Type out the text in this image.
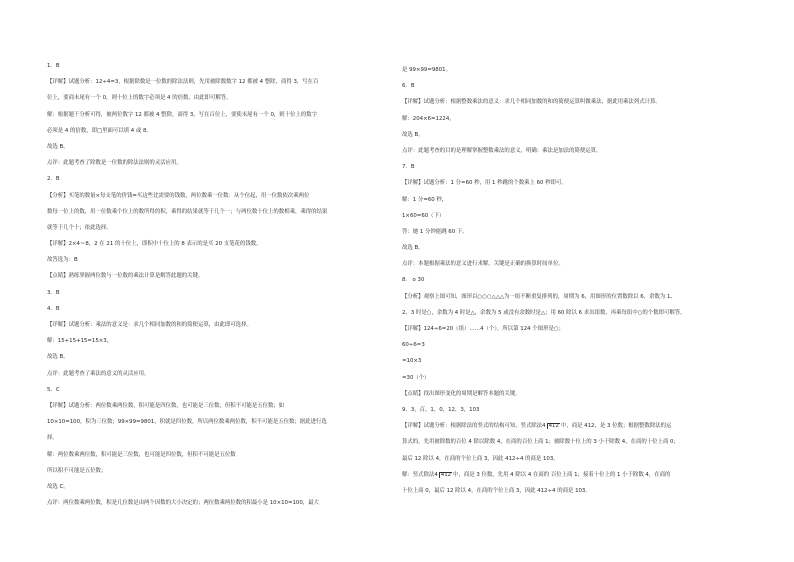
1．B
【详解】试题分析：12÷4=3，根据除数是一位数的除法法则，先用被除数数字 12 都被 4 整除，商得 3，写在百
位上，要商末尾有一个 0，则十位上的数字必须是 4 的倍数，由此即可解答。
解：根据题干分析可得，被两位数字 12 都被 4 整除，商得 3，写在百位上，要使末尾有一个 0，则十位上的数字
必须是 4 的倍数，即□里面可以填 4 或 8。
故选 B。
点评：此题考查了除数是一位数的除法法则的灵活应用。
2．B
【分析】买笔的数量×每支笔的价钱=买这些比需要的钱数，两位数乘一位数：从个位起，用一位数依次乘两位
数每一位上的数，用一位数乘个位上的数所得的积，乘得的结果就等于几个一；与两位数十位上的数相乘，乘得的结果
就等于几个十；依此选择。
【详解】2×4＝8，2 在 21 的十位上，即积中十位上的 8 表示的是买 20 支笔花的钱数。
故答选为：B
【点睛】熟练掌握两位数与一位数的乘法计算是解答此题的关键。
3．B
4．B
【详解】试题分析：乘法的意义是：求几个相同加数的和的简便运算，由此即可选择。
解：15+15+15=15×3，
故选 B。
点评：此题考查了乘法的意义的灵活应用。
5．C
【详解】试题分析：两位数乘两位数，积可能是四位数，也可能是三位数，但积不可能是五位数；如
10×10=100，积为三位数；99×99=9801，积就是四位数，所以两位数乘两位数，积不可能是五位数；据此进行选
择。
解：两位数乘两位数，积可能是三位数，也可能是四位数，但积不可能是五位数
所以积不可能是五位数；
故选 C。
点评：两位数乘两位数，积是几位数是由两个因数的大小决定的；两位数乘两位数的积最小是 10×10=100，最大
是 99×99=9801。
6．B
【详解】试题分析：根据整数乘法的意义：求几个相同加数的和的简便运算叫做乘法，据此用乘法列式计算。
解：204×6=1224，
故选 B。
点评：此题考查的目的是理解掌握整数乘法的意义，明确：乘法是加法的简便运算。
7．B
【详解】试题分析：1 分=60 秒，用 1 秒跳的个数乘上 60 秒即可。
解：1 分=60 秒，
1×60=60（下）
答：她 1 分钟能跳 60 下。
故选 B。
点评：本题根据乘法的意义进行求解，关键是正确的换算时间单位。
8． o 30
【分析】观察上图可知，图形以○○○△△△为一组不断重复排列的，周期为 6，用图形的位置数除以 6，余数为 1、
2、3 时是○，余数为 4 时是△，余数为 5 或没有余数时是△；用 60 除以 6 求出组数，再乘每组中○的个数即可解答。
【详解】124÷6=20（组）……4（个），所以第 124 个图形是○；
60÷6=3
=10×3
=30（个）
【点睛】找出图形变化的周期是解答本题的关键。
9．3，百，1，0，12，3，103
【详解】试题分析：根据除法的竖式的结构可知，竖式除法4 412 中，商是 412，是 3 位数；根据整数除法的运
算式的，先用被除数的百位 4 除以除数 4，在商的百位上商 1；被除数十位上的 3 小于除数 4，在商的十位上商 0；
最后 12 除以 4，在商的个位上商 3，因此 412÷4 的商是 103。
解：竖式除法4 412 中，商是 3 位数，先用 4 除以 4 在商的 百位上商 1；接着十位上的 1 小于除数 4，在商的
十位上商 0，最后 12 除以 4，在商的个位上商 3，因此 412÷4 的商是 103。
